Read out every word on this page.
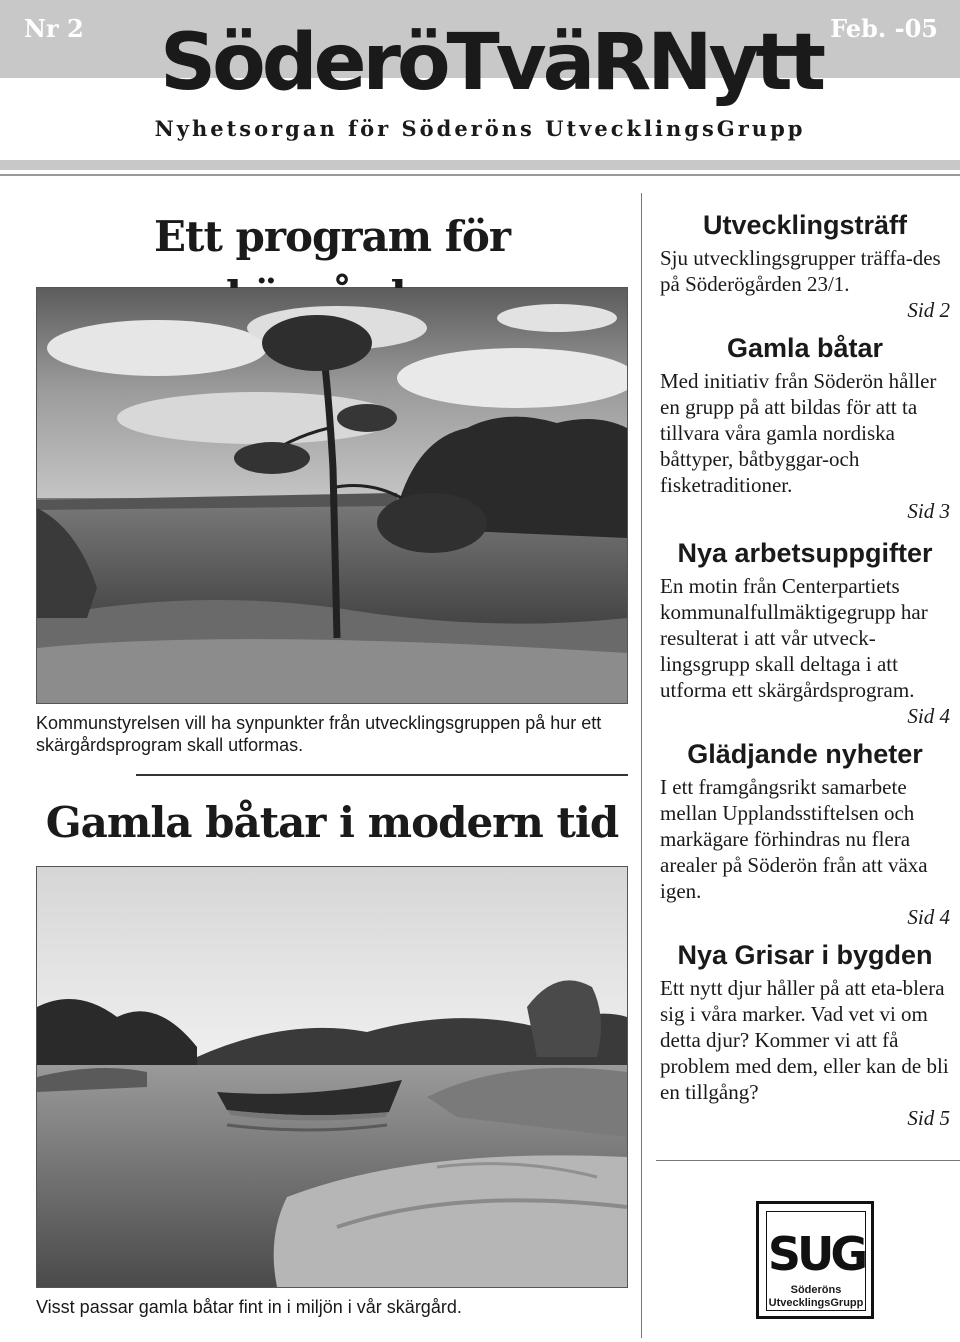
Nr 2	Feb. -05
SöderöTväRNytt
Nyhetsorgan för Söderöns UtvecklingsGrupp
Ett program för
Kommunstyrelsen vill ha synpunkter från utvecklingsgruppen på hur ett skärgårdsprogram skall utformas.
Gamla båtar i modern tid
Visst passar gamla båtar fint in i miljön i vår skärgård.
Utvecklingsträff

Sju utvecklingsgrupper träffa-des på Söderögården 23/1.

Sid 2
Gamla båtar

Med initiativ från Söderön håller en grupp på att bildas för att ta tillvara våra gamla nordiska båttyper, båtbyggar-och fisketraditioner.

Sid 3
Nya arbetsuppgifter

En motin från Centerpartiets kommunalfullmäktigegrupp har resulterat i att vår utveck-lingsgrupp skall deltaga i att utforma ett skärgårdsprogram.

Sid 4
Glädjande nyheter

I ett framgångsrikt samarbete mellan Upplandsstiftelsen och markägare förhindras nu flera arealer på Söderön från att växa igen.

Sid 4
Nya Grisar i bygden

Ett nytt djur håller på att eta-blera sig i våra marker. Vad vet vi om detta djur? Kommer vi att få problem med dem, eller kan de bli en tillgång?

Sid 5
SUG
Söderöns
UtvecklingsGrupp
